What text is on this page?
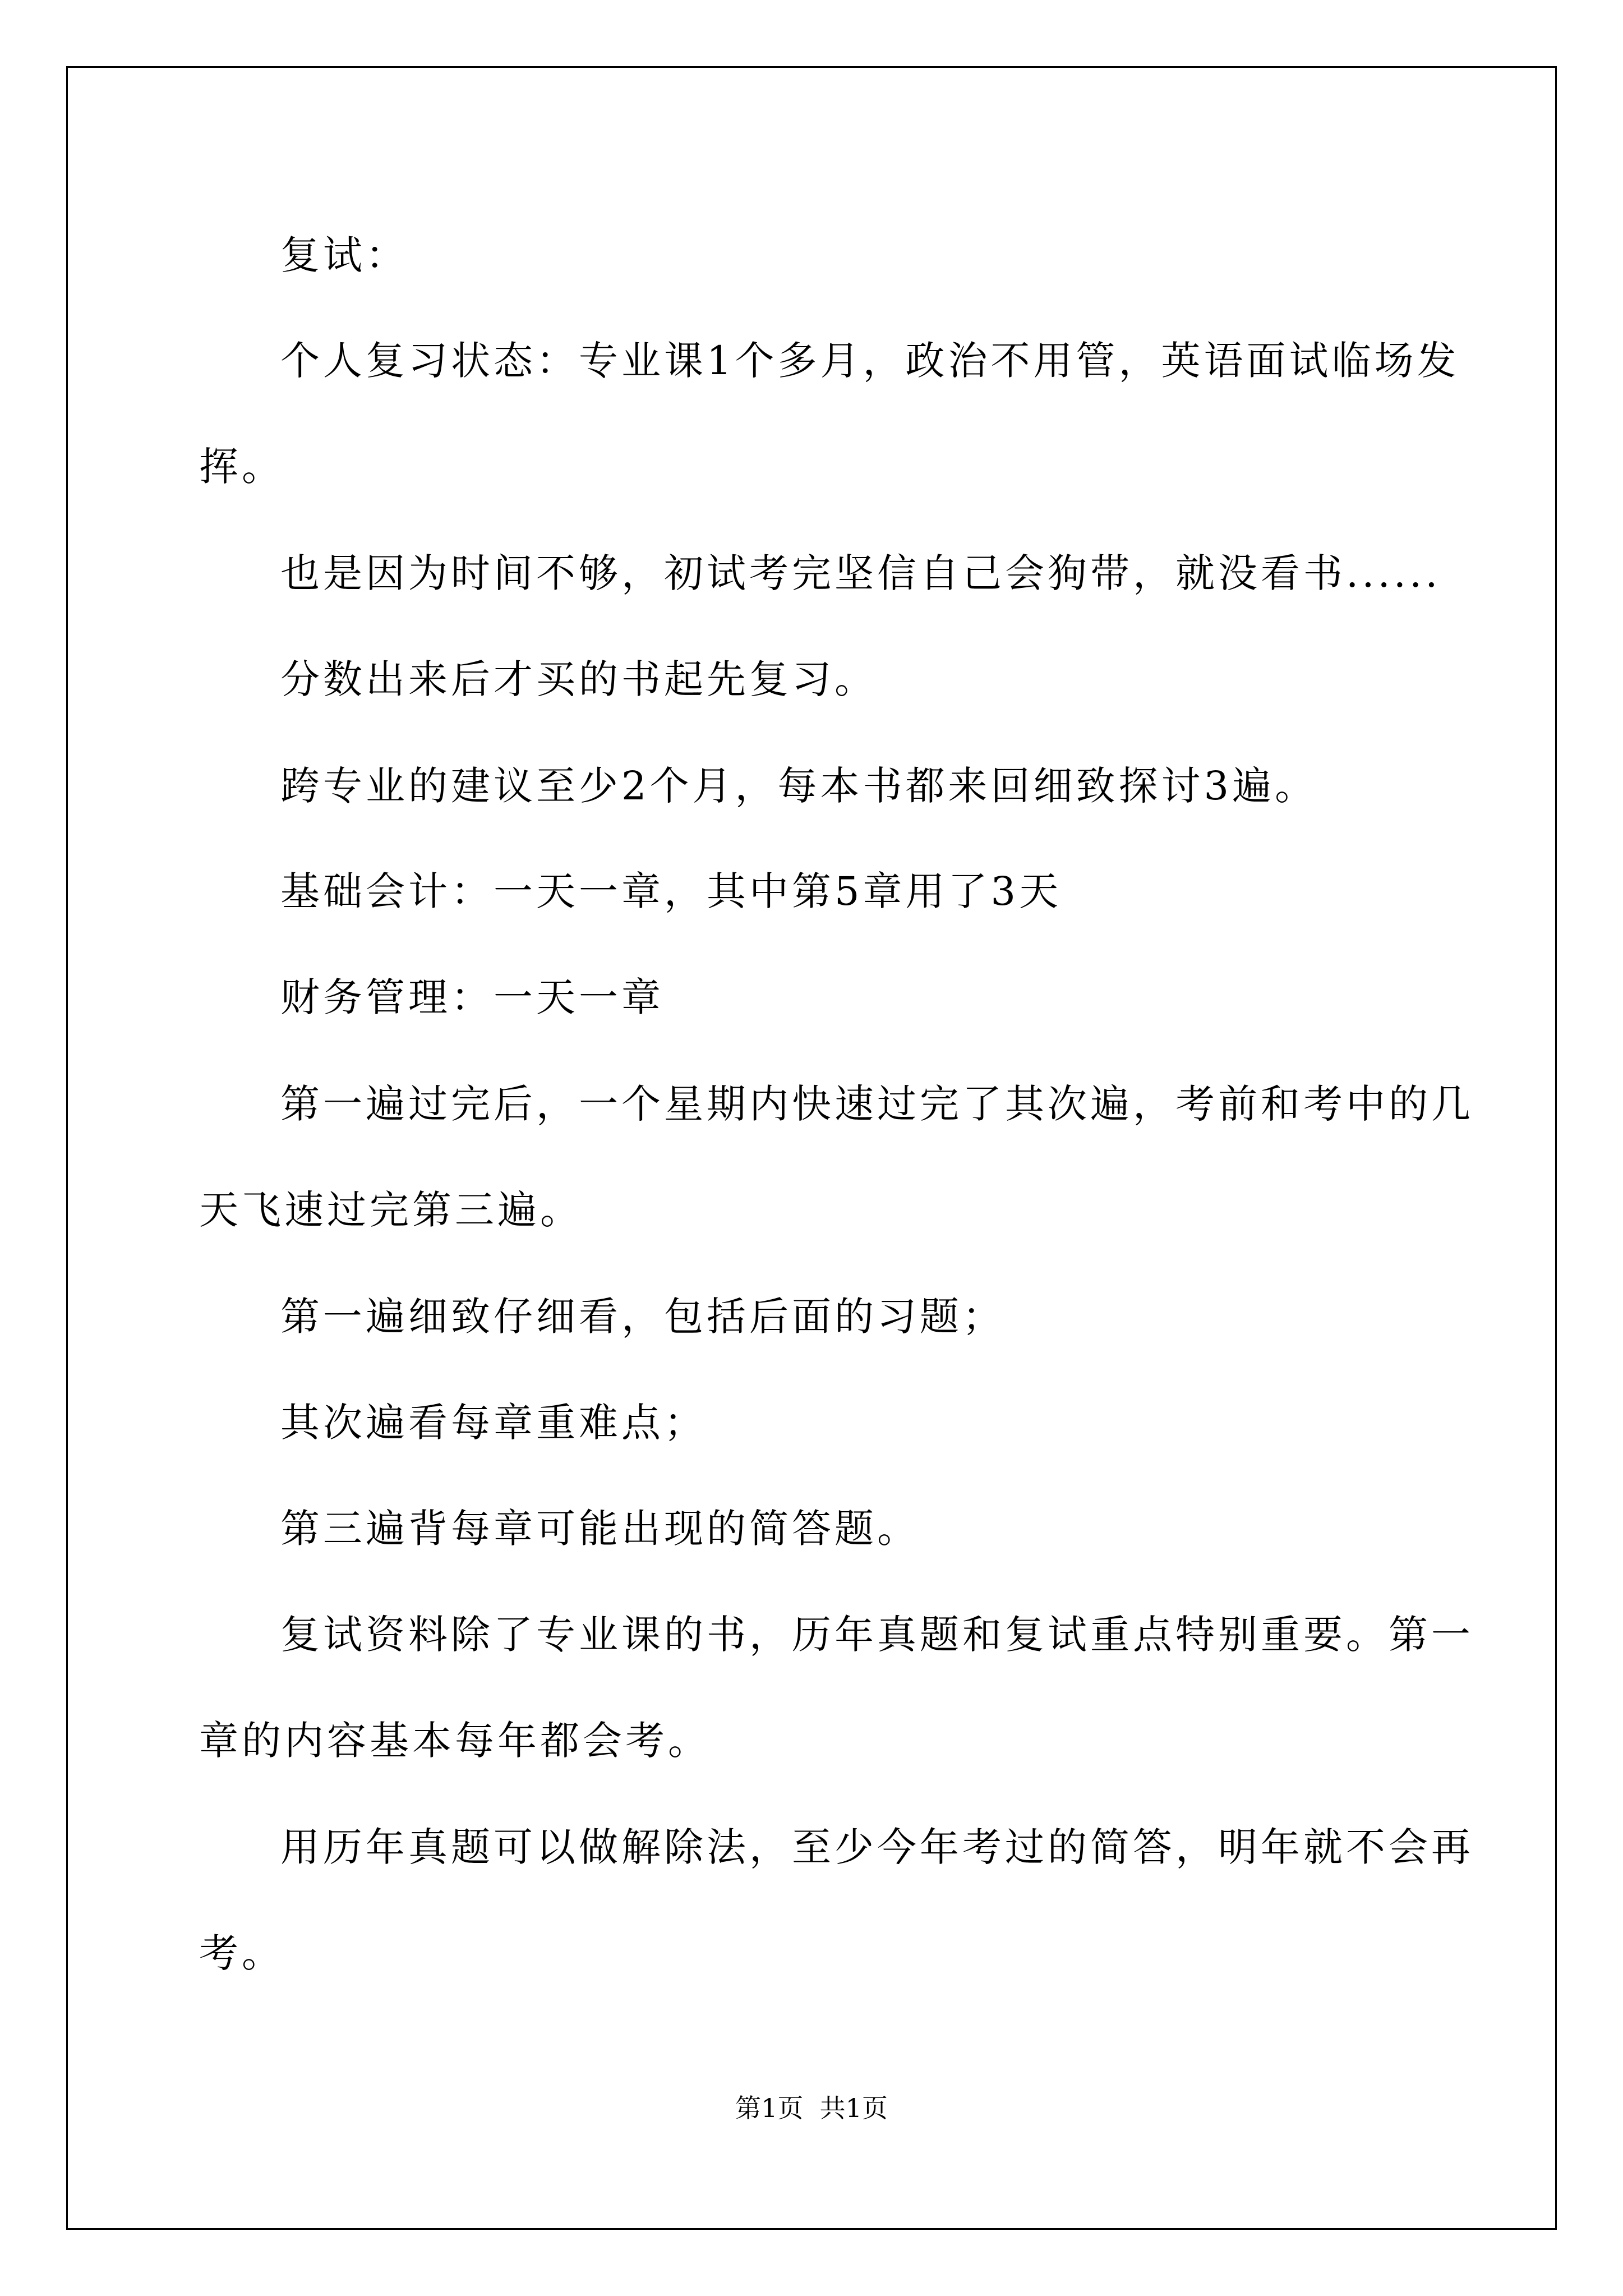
复试：

个人复习状态：专业课1个多月，政治不用管，英语面试临场发

挥。

也是因为时间不够，初试考完坚信自己会狗带，就没看书......

分数出来后才买的书起先复习。

跨专业的建议至少2个月，每本书都来回细致探讨3遍。

基础会计：一天一章，其中第5章用了3天

财务管理：一天一章

第一遍过完后，一个星期内快速过完了其次遍，考前和考中的几

天飞速过完第三遍。

第一遍细致仔细看，包括后面的习题；

其次遍看每章重难点；

第三遍背每章可能出现的简答题。

复试资料除了专业课的书，历年真题和复试重点特别重要。第一

章的内容基本每年都会考。

用历年真题可以做解除法，至少今年考过的简答，明年就不会再

考。

第1页  共1页
